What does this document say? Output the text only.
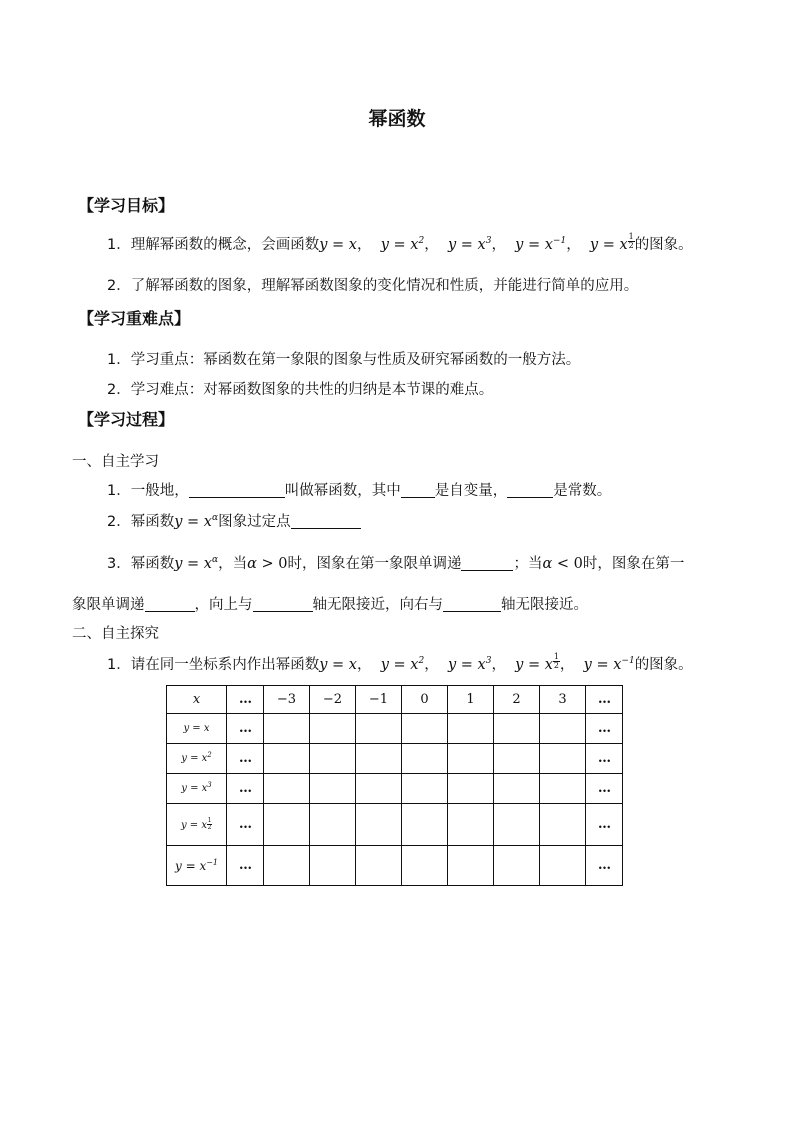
幂函数
【学习目标】
1．理解幂函数的概念，会画函数y = x，  $y = x^2$，  $y = x^3$，  $y = x^{-1}$，  y = x $\frac{1}{2}$ 的图象。
2．了解幂函数的图象，理解幂函数图象的变化情况和性质，并能进行简单的应用。
【学习重难点】
1．学习重点：幂函数在第一象限的图象与性质及研究幂函数的一般方法。
2．学习难点：对幂函数图象的共性的归纳是本节课的难点。
【学习过程】
一、自主学习
1．一般地，	叫做幂函数，其中 是自变量，	是常数。
2．幂函数$y = x^\alpha$图象过定点
3．幂函数$y = x^\alpha$，当α > 0时，图象在第一象限单调递	；当α < 0时，图象在第一
象限单调递	，向上与	轴无限接近，向右与	轴无限接近。
二、自主探究
1．请在同一坐标系内作出幂函数y = x，  $y = x^2$，  $y = x^3$，  y = x $\frac{1}{2}$ ，  $y = x^{-1}$的图象。
x	…	−3	−2	−1	0	1	2	3	…
y = x	…								…
$y = x^2$	…								…
$y = x^3$	…								…
y = x $\frac{1}{2}$	…								…
$y = x^{-1}$	…								…
